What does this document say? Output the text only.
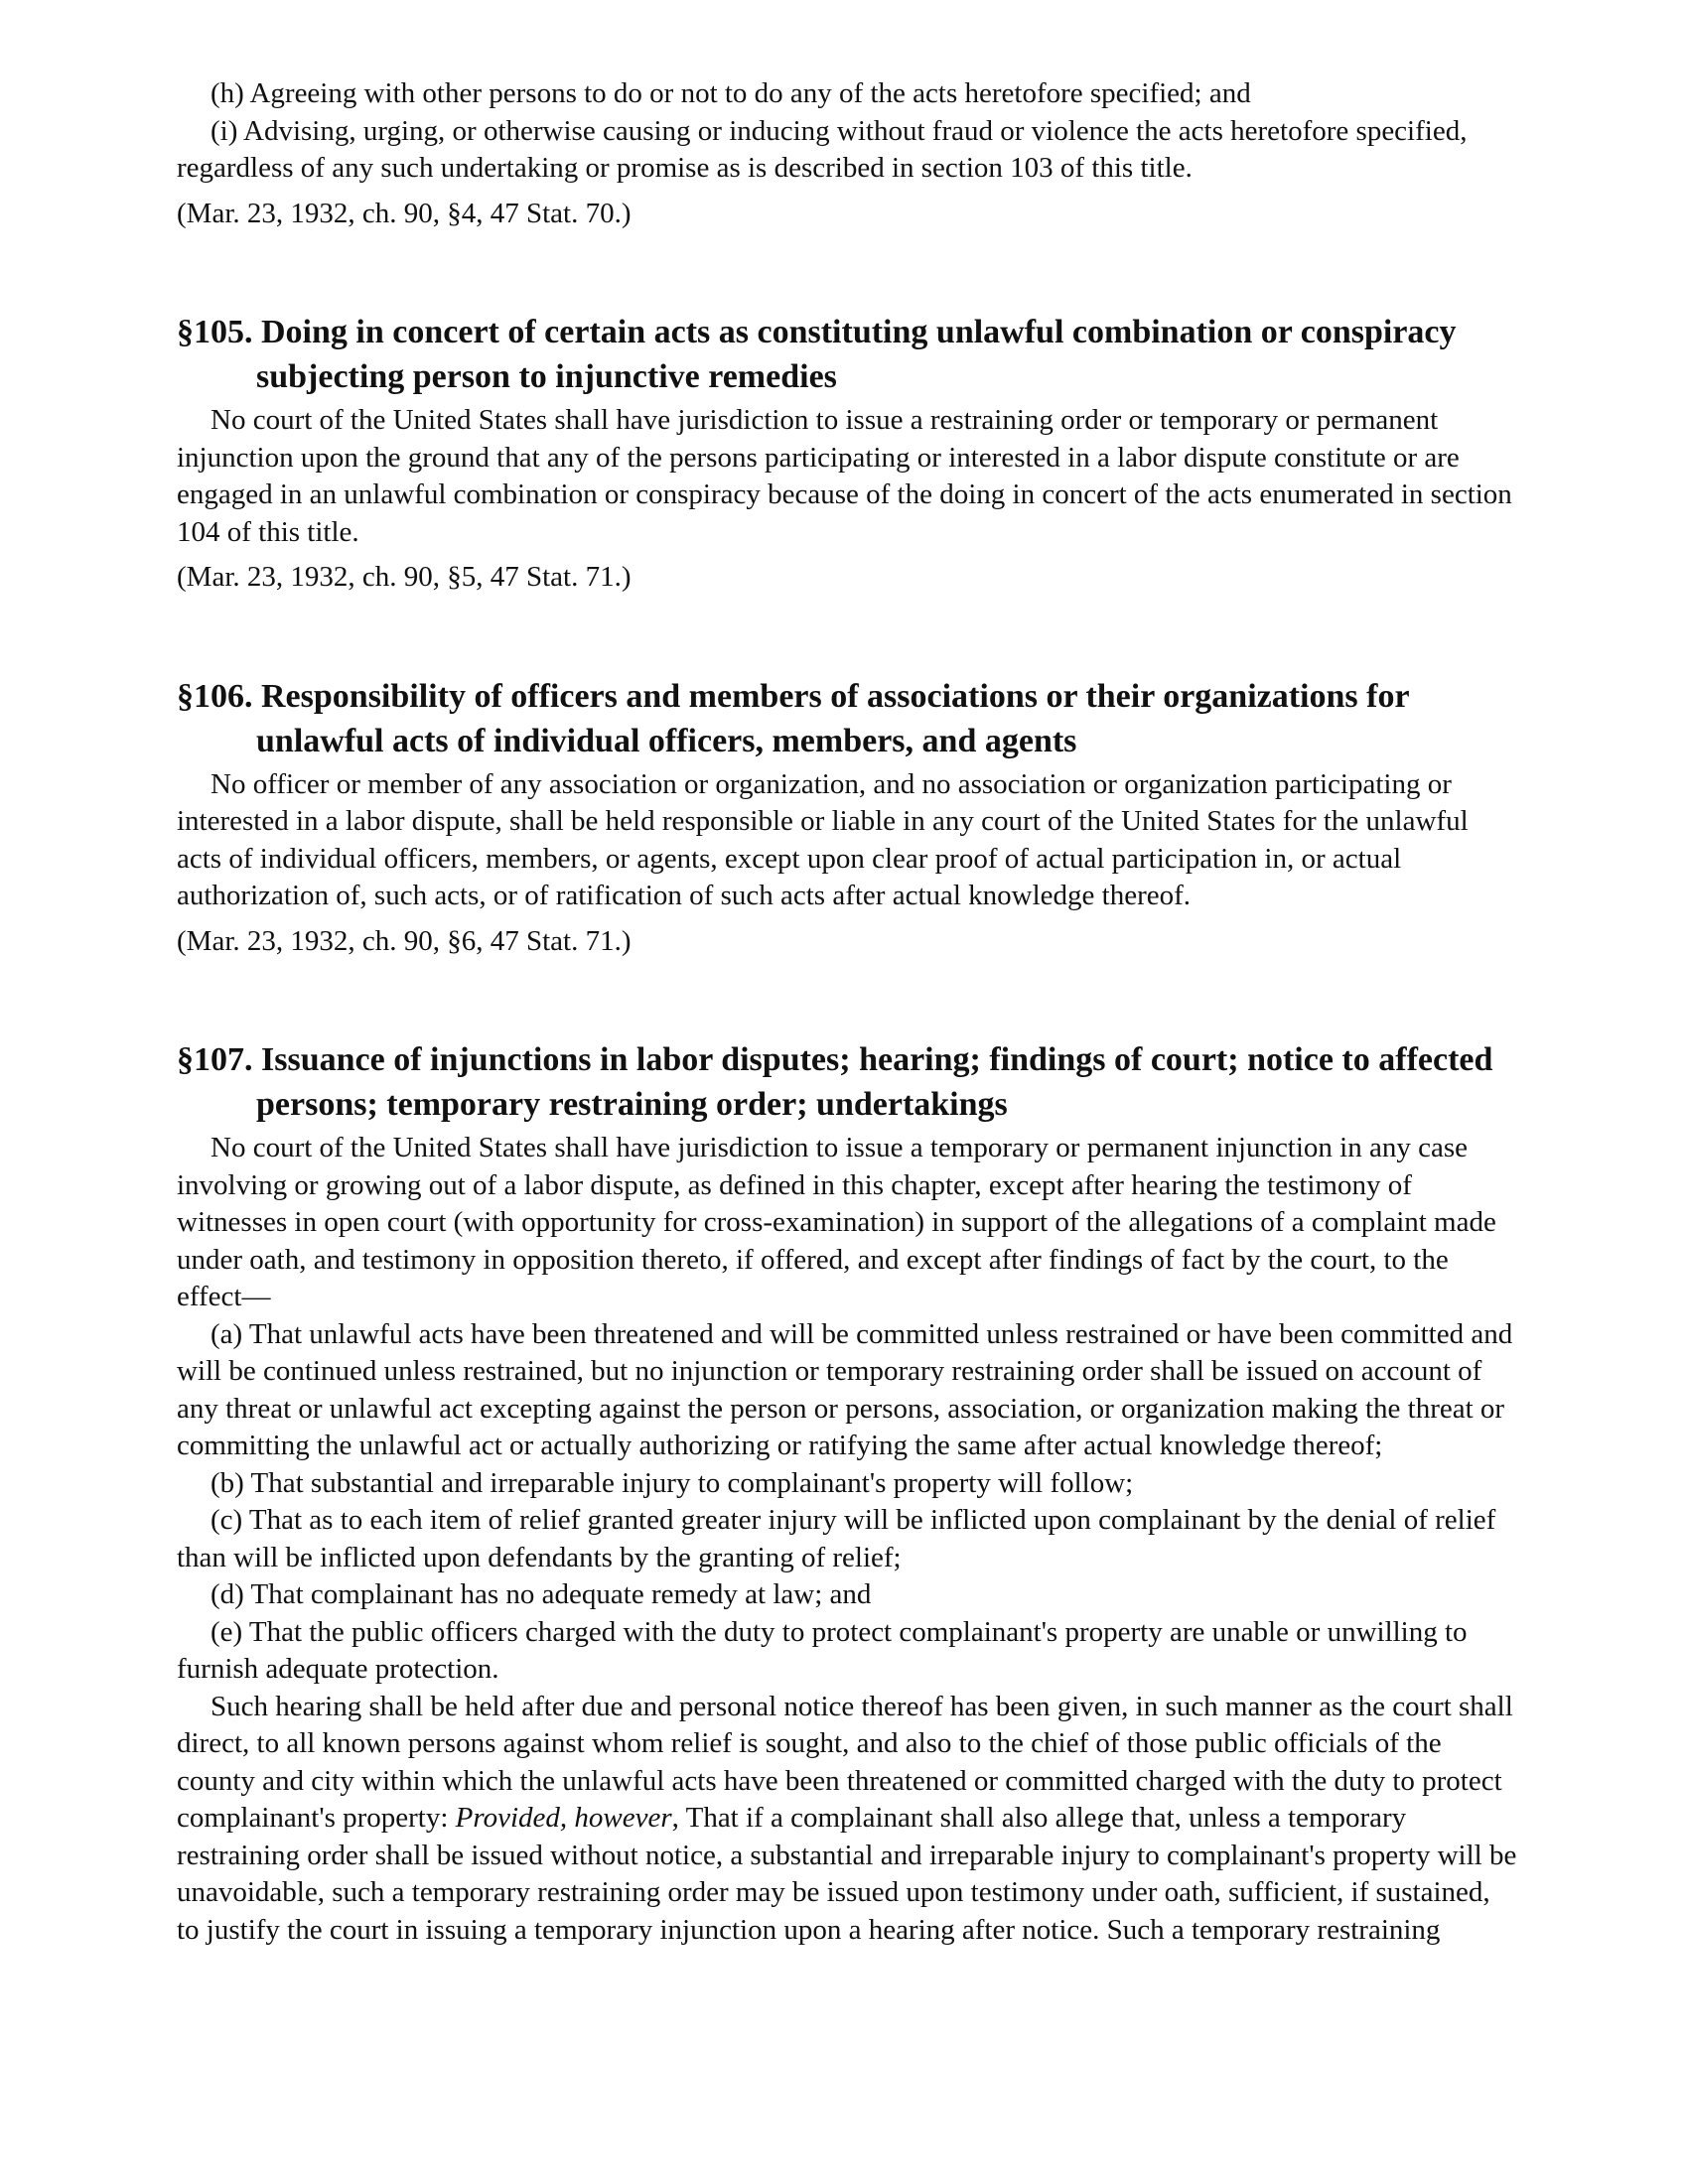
(h) Agreeing with other persons to do or not to do any of the acts heretofore specified; and

(i) Advising, urging, or otherwise causing or inducing without fraud or violence the acts heretofore specified, regardless of any such undertaking or promise as is described in section 103 of this title.

(Mar. 23, 1932, ch. 90, §4, 47 Stat. 70.)

§105. Doing in concert of certain acts as constituting unlawful combination or conspiracy subjecting person to injunctive remedies

No court of the United States shall have jurisdiction to issue a restraining order or temporary or permanent injunction upon the ground that any of the persons participating or interested in a labor dispute constitute or are engaged in an unlawful combination or conspiracy because of the doing in concert of the acts enumerated in section 104 of this title.

(Mar. 23, 1932, ch. 90, §5, 47 Stat. 71.)

§106. Responsibility of officers and members of associations or their organizations for unlawful acts of individual officers, members, and agents

No officer or member of any association or organization, and no association or organization participating or interested in a labor dispute, shall be held responsible or liable in any court of the United States for the unlawful acts of individual officers, members, or agents, except upon clear proof of actual participation in, or actual authorization of, such acts, or of ratification of such acts after actual knowledge thereof.

(Mar. 23, 1932, ch. 90, §6, 47 Stat. 71.)

§107. Issuance of injunctions in labor disputes; hearing; findings of court; notice to affected persons; temporary restraining order; undertakings

No court of the United States shall have jurisdiction to issue a temporary or permanent injunction in any case involving or growing out of a labor dispute, as defined in this chapter, except after hearing the testimony of witnesses in open court (with opportunity for cross-examination) in support of the allegations of a complaint made under oath, and testimony in opposition thereto, if offered, and except after findings of fact by the court, to the effect—

(a) That unlawful acts have been threatened and will be committed unless restrained or have been committed and will be continued unless restrained, but no injunction or temporary restraining order shall be issued on account of any threat or unlawful act excepting against the person or persons, association, or organization making the threat or committing the unlawful act or actually authorizing or ratifying the same after actual knowledge thereof;

(b) That substantial and irreparable injury to complainant's property will follow;

(c) That as to each item of relief granted greater injury will be inflicted upon complainant by the denial of relief than will be inflicted upon defendants by the granting of relief;

(d) That complainant has no adequate remedy at law; and

(e) That the public officers charged with the duty to protect complainant's property are unable or unwilling to furnish adequate protection.

Such hearing shall be held after due and personal notice thereof has been given, in such manner as the court shall direct, to all known persons against whom relief is sought, and also to the chief of those public officials of the county and city within which the unlawful acts have been threatened or committed charged with the duty to protect complainant's property: Provided, however, That if a complainant shall also allege that, unless a temporary restraining order shall be issued without notice, a substantial and irreparable injury to complainant's property will be unavoidable, such a temporary restraining order may be issued upon testimony under oath, sufficient, if sustained, to justify the court in issuing a temporary injunction upon a hearing after notice. Such a temporary restraining
